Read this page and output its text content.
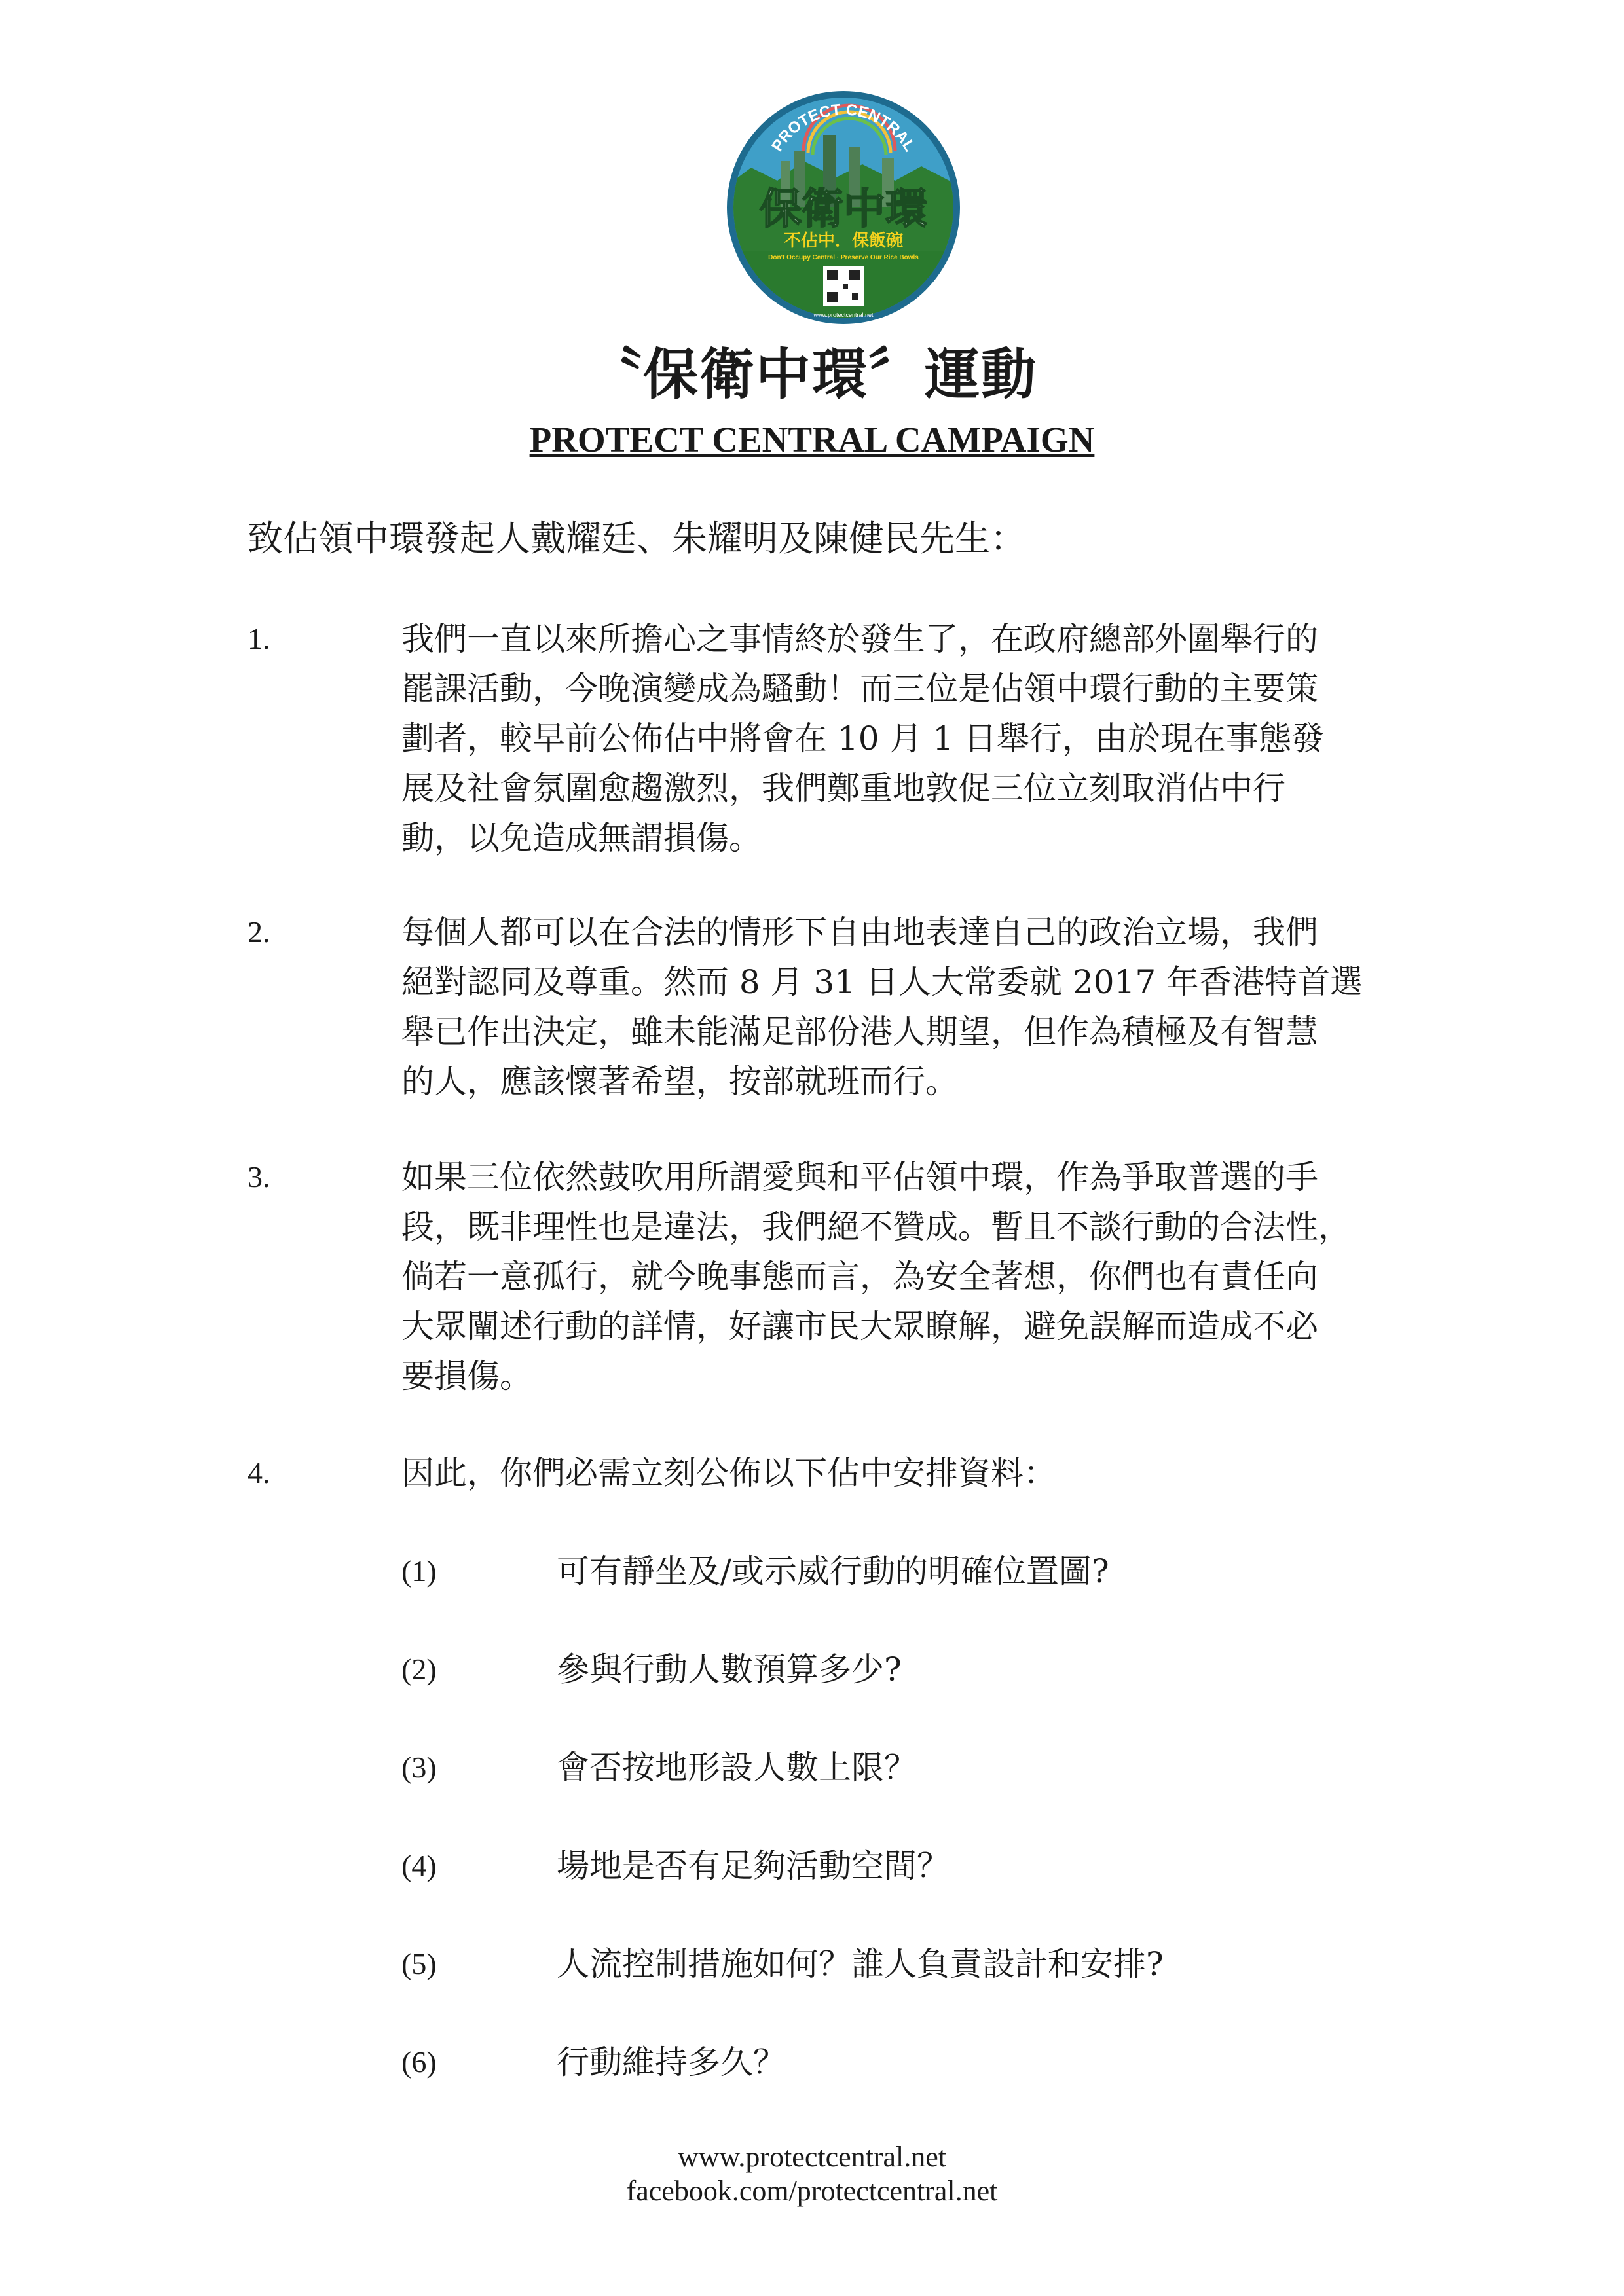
PROTECT CENTRAL
保衛中環
不佔中．保飯碗
Don't Occupy Central · Preserve Our Rice Bowls
www.protectcentral.net
〝保衛中環〞運動
PROTECT CENTRAL CAMPAIGN
致佔領中環發起人戴耀廷、朱耀明及陳健民先生：
1.	我們一直以來所擔心之事情終於發生了，在政府總部外圍舉行的
罷課活動，今晚演變成為騷動！而三位是佔領中環行動的主要策
劃者，較早前公佈佔中將會在 10 月 1 日舉行，由於現在事態發
展及社會氛圍愈趨激烈，我們鄭重地敦促三位立刻取消佔中行
動，以免造成無謂損傷。
2.	每個人都可以在合法的情形下自由地表達自己的政治立場，我們
絕對認同及尊重。然而 8 月 31 日人大常委就 2017 年香港特首選
舉已作出決定，雖未能滿足部份港人期望，但作為積極及有智慧
的人，應該懷著希望，按部就班而行。
3.	如果三位依然鼓吹用所謂愛與和平佔領中環，作為爭取普選的手
段，既非理性也是違法，我們絕不贊成。暫且不談行動的合法性，
倘若一意孤行，就今晚事態而言，為安全著想，你們也有責任向
大眾闡述行動的詳情，好讓市民大眾瞭解，避免誤解而造成不必
要損傷。
4.	因此，你們必需立刻公佈以下佔中安排資料：
(1)	可有靜坐及/或示威行動的明確位置圖?
(2)	參與行動人數預算多少?
(3)	會否按地形設人數上限？
(4)	場地是否有足夠活動空間？
(5)	人流控制措施如何？誰人負責設計和安排?
(6)	行動維持多久？
www.protectcentral.net
facebook.com/protectcentral.net
